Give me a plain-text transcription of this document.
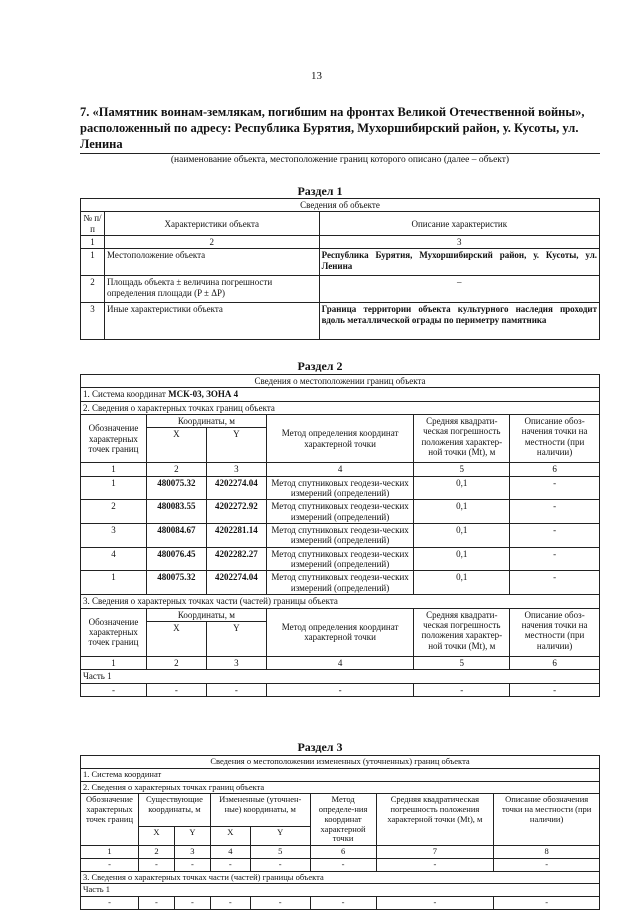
13
7. «Памятник воинам-землякам, погибшим на фронтах Великой Отечественной войны»,
расположенный по адресу: Республика Бурятия, Мухоршибирский район, у. Кусоты, ул.
Ленина
(наименование объекта, местоположение границ которого описано (далее – объект)
Раздел 1
Сведения об объекте		
№ п/п	Характеристики объекта	Описание характеристик
1	2	3
1	Местоположение объекта	Республика Бурятия, Мухоршибирский район, у. Кусоты, ул. Ленина
2	Площадь объекта ± величина погрешности определения площади (P ± ΔP)	–
3	Иные характеристики объекта	Граница территории объекта культурного наследия проходит вдоль металлической ограды по периметру памятника
Раздел 2
Сведения о местоположении границ объекта					
1. Система координат МСК-03, ЗОНА 4					
2. Сведения о характерных точках границ объекта					
Обозначение характерных точек границ	Координаты, м		Метод определения координат характерной точки	Средняя квадрати-ческая погрешность положения характер-ной точки (Mt), м	Описание обоз-начения точки на местности (при наличии)
	X	Y			
1	2	3	4	5	6
1	480075.32	4202274.04	Метод спутниковых геодези-ческих измерений (определений)	0,1	-
2	480083.55	4202272.92	Метод спутниковых геодези-ческих измерений (определений)	0,1	-
3	480084.67	4202281.14	Метод спутниковых геодези-ческих измерений (определений)	0,1	-
4	480076.45	4202282.27	Метод спутниковых геодези-ческих измерений (определений)	0,1	-
1	480075.32	4202274.04	Метод спутниковых геодези-ческих измерений (определений)	0,1	-
3. Сведения о характерных точках части (частей) границы объекта					
Обозначение характерных точек границ	Координаты, м		Метод определения координат характерной точки	Средняя квадрати-ческая погрешность положения характер-ной точки (Mt), м	Описание обоз-начения точки на местности (при наличии)
	X	Y			
1	2	3	4	5	6
Часть 1					
-	-	-	-	-	-
Раздел 3
Сведения о местоположении измененных (уточненных) границ объекта							
1. Система координат							
2. Сведения о характерных точках границ объекта							
Обозначение характерных точек границ	Существующие координаты, м		Измененные (уточнен-ные) координаты, м		Метод определе-ния координат характерной точки	Средняя квадратическая погрешность положения характерной точки (Mt), м	Описание обозначения точки на местности (при наличии)
	X	Y	X	Y			
1	2	3	4	5	6	7	8
-	-	-	-	-	-	-	-
3. Сведения о характерных точках части (частей) границы объекта							
Часть 1							
-	-	-	-	-	-	-	-
